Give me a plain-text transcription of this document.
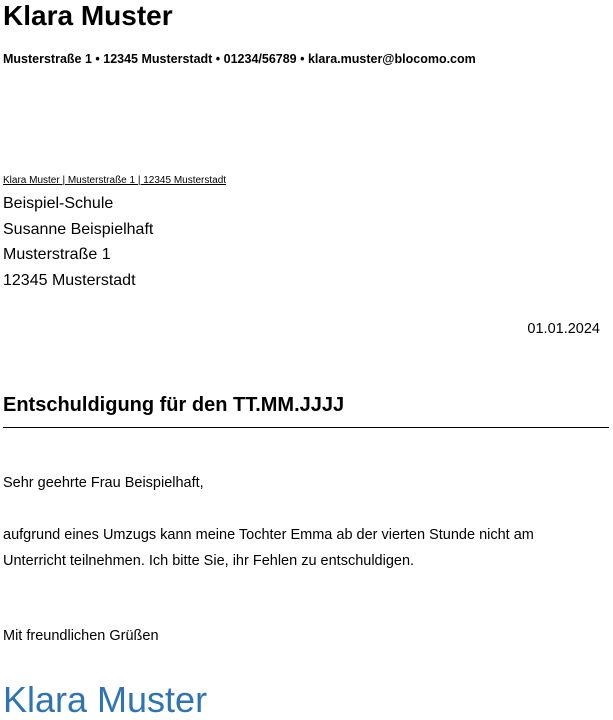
Klara Muster
Musterstraße 1 • 12345 Musterstadt • 01234/56789 • klara.muster@blocomo.com
Klara Muster | Musterstraße 1 | 12345 Musterstadt
Beispiel-Schule
Susanne Beispielhaft
Musterstraße 1
12345 Musterstadt
01.01.2024
Entschuldigung für den TT.MM.JJJJ
Sehr geehrte Frau Beispielhaft,
aufgrund eines Umzugs kann meine Tochter Emma ab der vierten Stunde nicht am
Unterricht teilnehmen. Ich bitte Sie, ihr Fehlen zu entschuldigen.
Mit freundlichen Grüßen
Klara Muster
